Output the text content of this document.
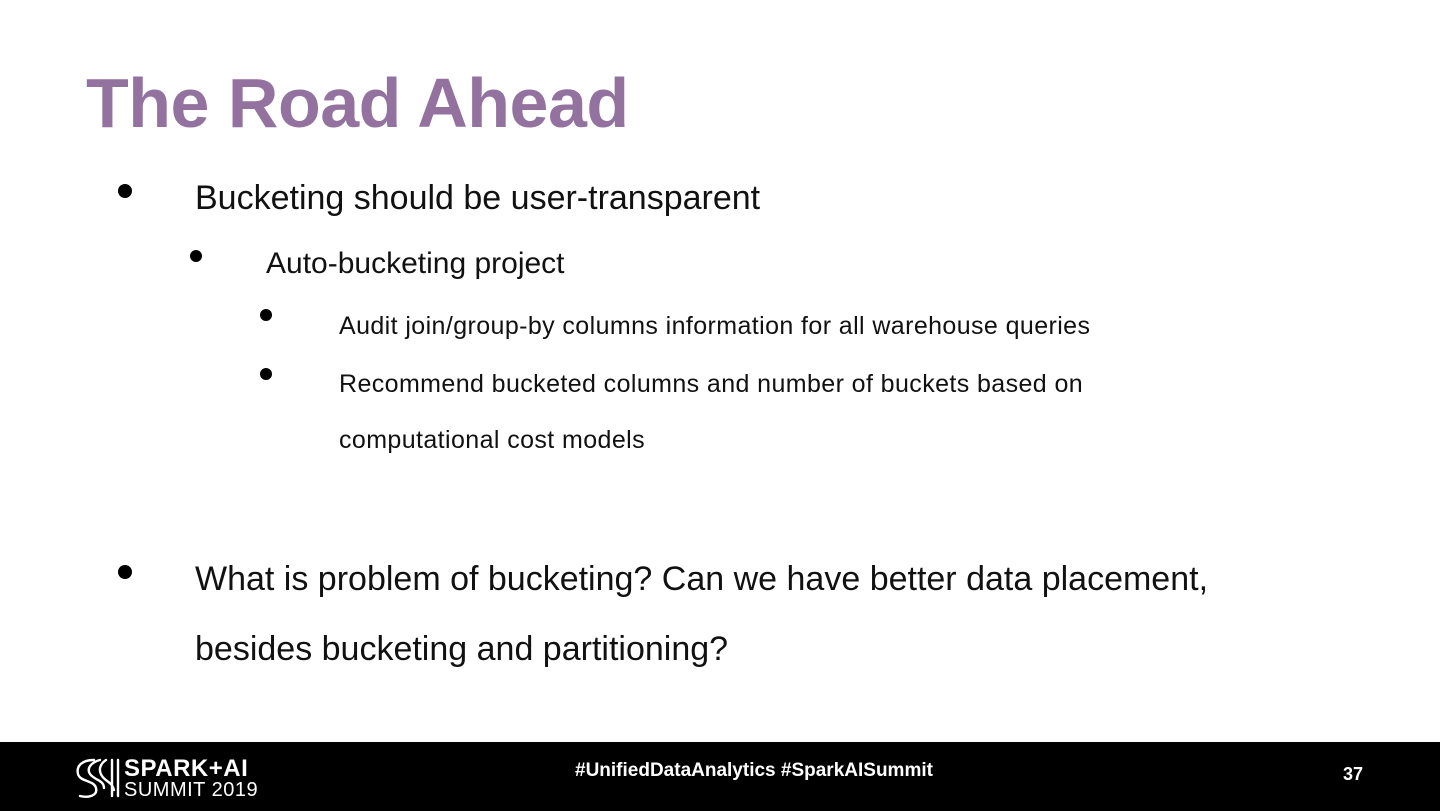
The Road Ahead
Bucketing should be user-transparent
Auto-bucketing project
Audit join/group-by columns information for all warehouse queries
Recommend bucketed columns and number of buckets based on
computational cost models
What is problem of bucketing? Can we have better data placement,
besides bucketing and partitioning?
SPARK+AI
SUMMIT 2019
#UnifiedDataAnalytics #SparkAISummit	37
